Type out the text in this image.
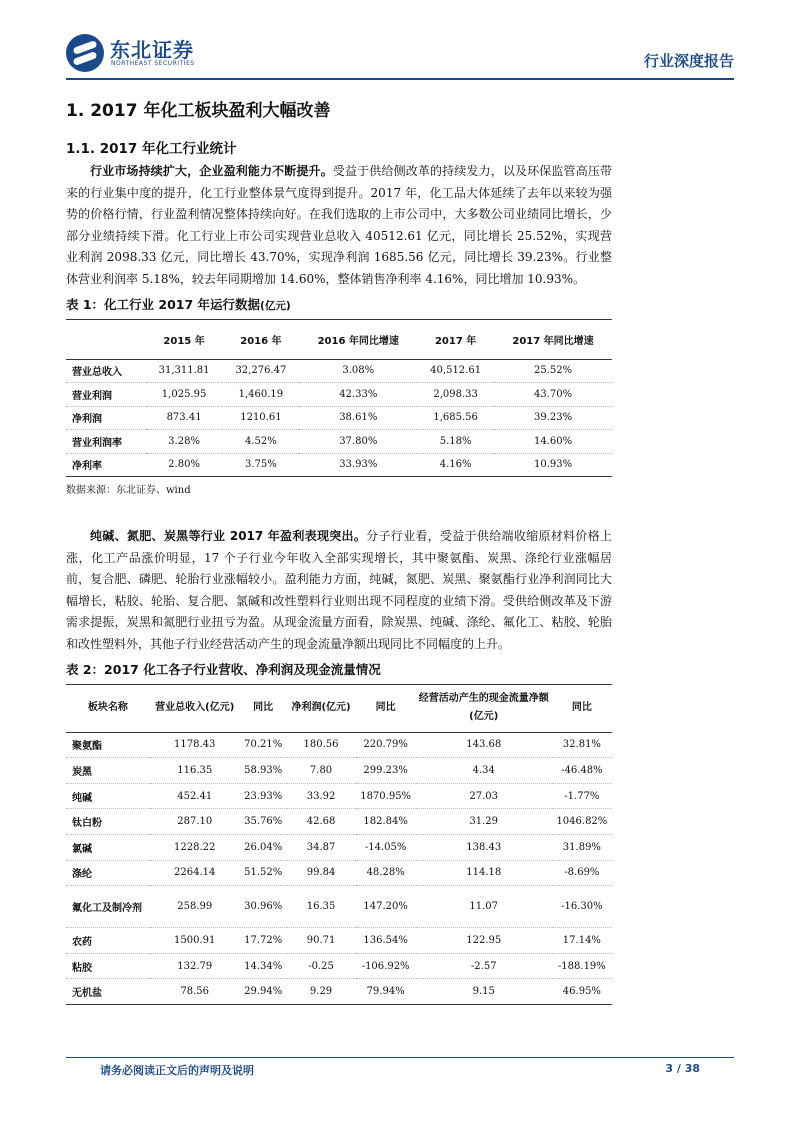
东北证券
NORTHEAST SECURITIES	行业深度报告
1. 2017 年化工板块盈利大幅改善
1.1. 2017 年化工行业统计

行业市场持续扩大，企业盈利能力不断提升。受益于供给侧改革的持续发力，以及环保监管高压带来的行业集中度的提升，化工行业整体景气度得到提升。2017 年，化工品大体延续了去年以来较为强势的价格行情，行业盈利情况整体持续向好。在我们选取的上市公司中，大多数公司业绩同比增长，少部分业绩持续下滑。化工行业上市公司实现营业总收入 40512.61 亿元，同比增长 25.52%，实现营业利润 2098.33 亿元，同比增长 43.70%，实现净利润 1685.56 亿元，同比增长 39.23%。行业整体营业利润率 5.18%，较去年同期增加 14.60%，整体销售净利率 4.16%，同比增加 10.93%。

表 1：化工行业 2017 年运行数据(亿元)
	2015 年	2016 年	2016 年同比增速	2017 年	2017 年同比增速
营业总收入	31,311.81	32,276.47	3.08%	40,512.61	25.52%
营业利润	1,025.95	1,460.19	42.33%	2,098.33	43.70%
净利润	873.41	1210.61	38.61%	1,685.56	39.23%
营业利润率	3.28%	4.52%	37.80%	5.18%	14.60%
净利率	2.80%	3.75%	33.93%	4.16%	10.93%
数据来源：东北证券、wind

纯碱、氮肥、炭黑等行业 2017 年盈利表现突出。分子行业看，受益于供给端收缩原材料价格上涨，化工产品涨价明显，17 个子行业今年收入全部实现增长，其中聚氨酯、炭黑、涤纶行业涨幅居前，复合肥、磷肥、轮胎行业涨幅较小。盈利能力方面，纯碱，氮肥、炭黑、聚氨酯行业净利润同比大幅增长，粘胶、轮胎、复合肥、氯碱和改性塑料行业则出现不同程度的业绩下滑。受供给侧改革及下游需求提振，炭黑和氮肥行业扭亏为盈。从现金流量方面看，除炭黑、纯碱、涤纶、氟化工、粘胶、轮胎和改性塑料外，其他子行业经营活动产生的现金流量净额出现同比不同幅度的上升。

表 2：2017 化工各子行业营收、净利润及现金流量情况
板块名称	营业总收入(亿元)	同比	净利润(亿元)	同比	经营活动产生的现金流量净额(亿元)	同比
聚氨酯	1178.43	70.21%	180.56	220.79%	143.68	32.81%
炭黑	116.35	58.93%	7.80	299.23%	4.34	-46.48%
纯碱	452.41	23.93%	33.92	1870.95%	27.03	-1.77%
钛白粉	287.10	35.76%	42.68	182.84%	31.29	1046.82%
氯碱	1228.22	26.04%	34.87	-14.05%	138.43	31.89%
涤纶	2264.14	51.52%	99.84	48.28%	114.18	-8.69%
氟化工及制冷剂	258.99	30.96%	16.35	147.20%	11.07	-16.30%
农药	1500.91	17.72%	90.71	136.54%	122.95	17.14%
粘胶	132.79	14.34%	-0.25	-106.92%	-2.57	-188.19%
无机盐	78.56	29.94%	9.29	79.94%	9.15	46.95%
请务必阅读正文后的声明及说明	3 / 38
